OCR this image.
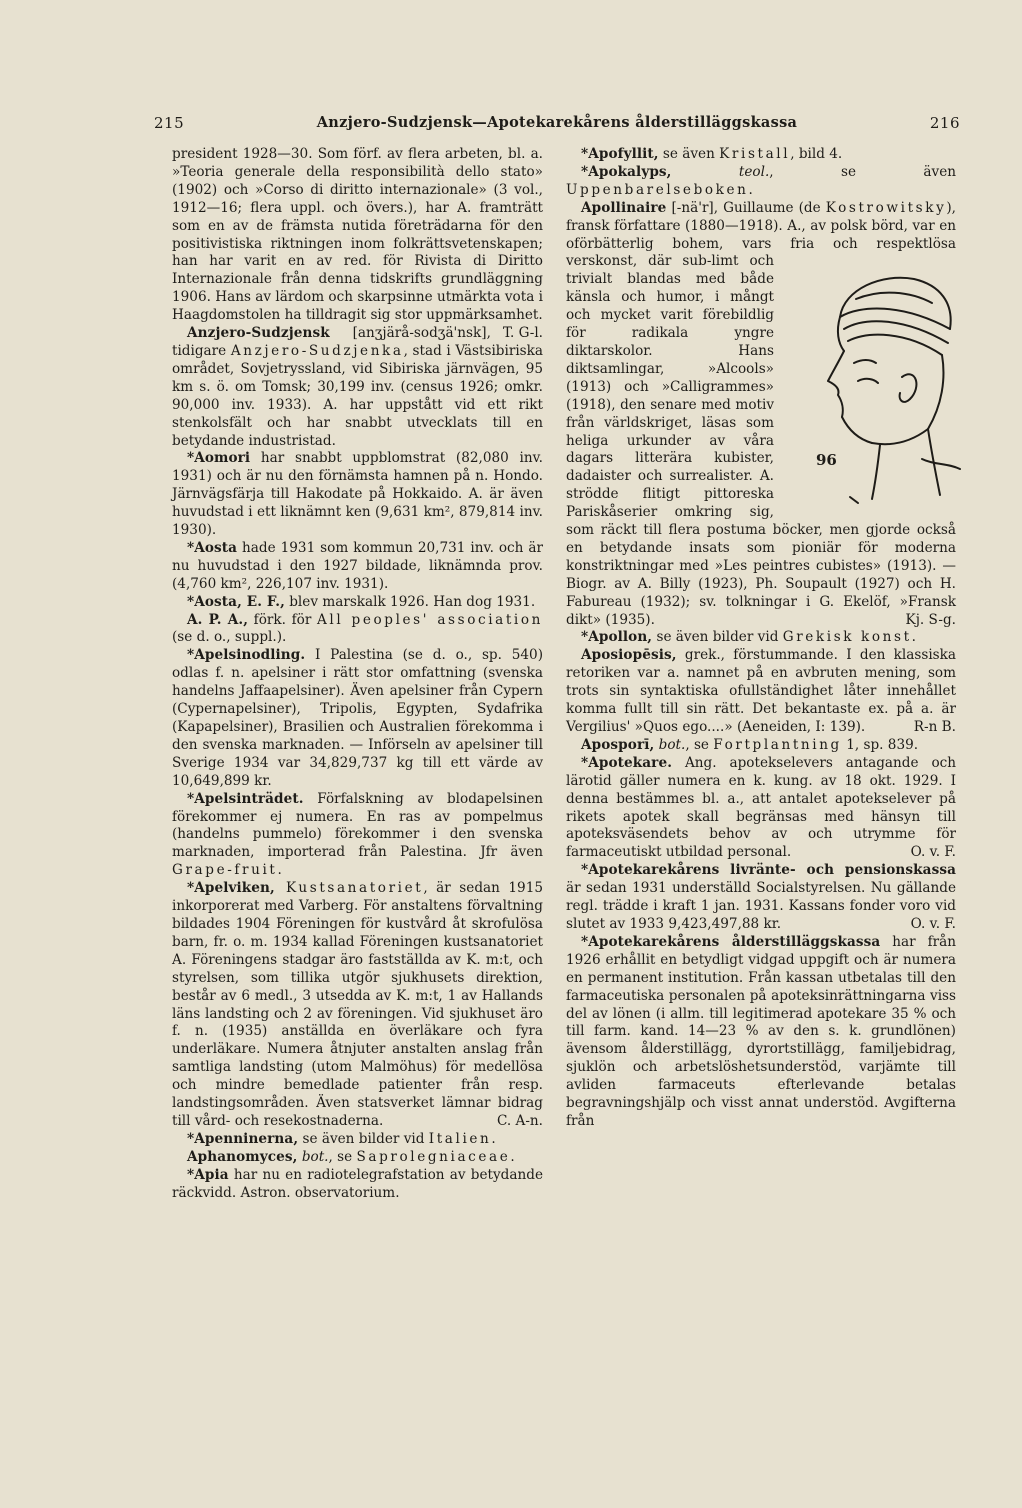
215	Anzjero-Sudzjensk—Apotekarekårens ålderstilläggskassa	216

president 1928—30. Som förf. av flera arbeten, bl. a. »Teoria generale della responsibilità dello stato» (1902) och »Corso di diritto internazionale» (3 vol., 1912—16; flera uppl. och övers.), har A. framträtt som en av de främsta nutida företrädarna för den positivistiska riktningen inom folkrättsvetenskapen; han har varit en av red. för Rivista di Diritto Internazionale från denna tidskrifts grundläggning 1906. Hans av lärdom och skarpsinne utmärkta vota i Haagdomstolen ha tilldragit sig stor uppmärksamhet.
T. G-l.

Anzjero-Sudzjensk [anʒjärå-sodʒä'nsk], tidigare Anzjero-Sudzjenka, stad i Västsibiriska området, Sovjetryssland, vid Sibiriska järnvägen, 95 km s. ö. om Tomsk; 30,199 inv. (census 1926; omkr. 90,000 inv. 1933). A. har uppstått vid ett rikt stenkolsfält och har snabbt utvecklats till en betydande industristad.

*Aomori har snabbt uppblomstrat (82,080 inv. 1931) och är nu den förnämsta hamnen på n. Hondo. Järnvägsfärja till Hakodate på Hokkaido. A. är även huvudstad i ett liknämnt ken (9,631 km², 879,814 inv. 1930).

*Aosta hade 1931 som kommun 20,731 inv. och är nu huvudstad i den 1927 bildade, liknämnda prov. (4,760 km², 226,107 inv. 1931).

*Aosta, E. F., blev marskalk 1926. Han dog 1931.

A. P. A., förk. för All peoples' association (se d. o., suppl.).

*Apelsinodling. I Palestina (se d. o., sp. 540) odlas f. n. apelsiner i rätt stor omfattning (svenska handelns Jaffaapelsiner). Även apelsiner från Cypern (Cypernapelsiner), Tripolis, Egypten, Sydafrika (Kapapelsiner), Brasilien och Australien förekomma i den svenska marknaden. — Införseln av apelsiner till Sverige 1934 var 34,829,737 kg till ett värde av 10,649,899 kr.

*Apelsinträdet. Förfalskning av blodapelsinen förekommer ej numera. En ras av pompelmus (handelns pummelo) förekommer i den svenska marknaden, importerad från Palestina. Jfr även Grape-fruit.

*Apelviken, Kustsanatoriet, är sedan 1915 inkorporerat med Varberg. För anstaltens förvaltning bildades 1904 Föreningen för kustvård åt skrofulösa barn, fr. o. m. 1934 kallad Föreningen kustsanatoriet A. Föreningens stadgar äro fastställda av K. m:t, och styrelsen, som tillika utgör sjukhusets direktion, består av 6 medl., 3 utsedda av K. m:t, 1 av Hallands läns landsting och 2 av föreningen. Vid sjukhuset äro f. n. (1935) anställda en överläkare och fyra underläkare. Numera åtnjuter anstalten anslag från samtliga landsting (utom Malmöhus) för medellösa och mindre bemedlade patienter från resp. landstingsområden. Även statsverket lämnar bidrag till vård- och resekostnaderna.	C. A-n.

*Apenninerna, se även bilder vid Italien.

Aphanomyces, bot., se Saprolegniaceae.

*Apia har nu en radiotelegrafstation av betydande räckvidd. Astron. observatorium.

*Apofyllit, se även Kristall, bild 4.

*Apokalyps, teol., se även Uppenbarelseboken.

Apollinaire [-nä'r], Guillaume (de Kostrowitsky), fransk författare (1880—1918). A., av polsk börd, var en oförbätterlig bohem, vars fria och respektlösa verskonst, där sub-
96
limt och trivialt blandas med både känsla och humor, i mångt och mycket varit förebildlig för radikala yngre diktarskolor. Hans diktsamlingar, »Alcools» (1913) och »Calligrammes» (1918), den senare med motiv från världskriget, läsas som heliga urkunder av våra dagars litterära kubister, dadaister och surrealister. A. strödde flitigt pittoreska Pariskåserier omkring sig, som räckt till flera postuma böcker, men gjorde också en betydande insats som pioniär för moderna konstriktningar med »Les peintres cubistes» (1913). — Biogr. av A. Billy (1923), Ph. Soupault (1927) och H. Fabureau (1932); sv. tolkningar i G. Ekelöf, »Fransk dikt» (1935).	Kj. S-g.

*Apollon, se även bilder vid Grekisk konst.

Aposiopēsis, grek., förstummande. I den klassiska retoriken var a. namnet på en avbruten mening, som trots sin syntaktiska ofullständighet låter innehållet komma fullt till sin rätt. Det bekantaste ex. på a. är Vergilius' »Quos ego....» (Aeneiden, I: 139).	R-n B.

Aposporī, bot., se Fortplantning 1, sp. 839.

*Apotekare. Ang. apotekselevers antagande och lärotid gäller numera en k. kung. av 18 okt. 1929. I denna bestämmes bl. a., att antalet apotekselever på rikets apotek skall begränsas med hänsyn till apoteksväsendets behov av och utrymme för farmaceutiskt utbildad personal.	O. v. F.

*Apotekarekårens livränte- och pensionskassa är sedan 1931 underställd Socialstyrelsen. Nu gällande regl. trädde i kraft 1 jan. 1931. Kassans fonder voro vid slutet av 1933 9,423,497,88 kr.	O. v. F.

*Apotekarekårens ålderstilläggskassa har från 1926 erhållit en betydligt vidgad uppgift och är numera en permanent institution. Från kassan utbetalas till den farmaceutiska personalen på apoteksinrättningarna viss del av lönen (i allm. till legitimerad apotekare 35 % och till farm. kand. 14—23 % av den s. k. grundlönen) ävensom ålderstillägg, dyrortstillägg, familjebidrag, sjuklön och arbetslöshetsunderstöd, varjämte till avliden farmaceuts efterlevande betalas begravningshjälp och visst annat understöd. Avgifterna från
